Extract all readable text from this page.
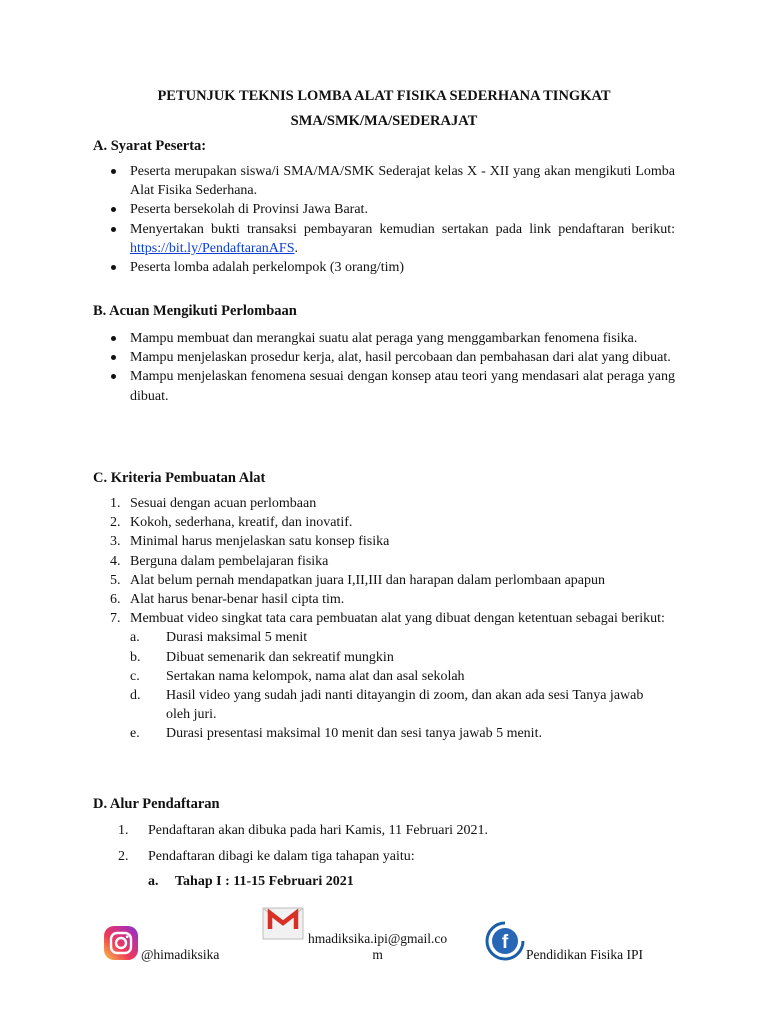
PETUNJUK TEKNIS LOMBA ALAT FISIKA SEDERHANA TINGKAT
SMA/SMK/MA/SEDERAJAT
A. Syarat Peserta:
Peserta merupakan siswa/i SMA/MA/SMK Sederajat kelas X - XII yang akan mengikuti Lomba Alat Fisika Sederhana.
Peserta bersekolah di Provinsi Jawa Barat.
Menyertakan bukti transaksi pembayaran kemudian sertakan pada link pendaftaran berikut: https://bit.ly/PendaftaranAFS.
Peserta lomba adalah perkelompok (3 orang/tim)
B. Acuan Mengikuti Perlombaan
Mampu membuat dan merangkai suatu alat peraga yang menggambarkan fenomena fisika.
Mampu menjelaskan prosedur kerja, alat, hasil percobaan dan pembahasan dari alat yang dibuat.
Mampu menjelaskan fenomena sesuai dengan konsep atau teori yang mendasari alat peraga yang dibuat.
C. Kriteria Pembuatan Alat
1. Sesuai dengan acuan perlombaan
2. Kokoh, sederhana, kreatif, dan inovatif.
3. Minimal harus menjelaskan satu konsep fisika
4. Berguna dalam pembelajaran fisika
5. Alat belum pernah mendapatkan juara I,II,III dan harapan dalam perlombaan apapun
6. Alat harus benar-benar hasil cipta tim.
7. Membuat video singkat tata cara pembuatan alat yang dibuat dengan ketentuan sebagai berikut:
a. Durasi maksimal 5 menit
b. Dibuat semenarik dan sekreatif mungkin
c. Sertakan nama kelompok, nama alat dan asal sekolah
d. Hasil video yang sudah jadi nanti ditayangin di zoom, dan akan ada sesi Tanya jawab oleh juri.
e. Durasi presentasi maksimal 10 menit dan sesi tanya jawab 5 menit.
D. Alur Pendaftaran
1. Pendaftaran akan dibuka pada hari Kamis, 11 Februari 2021.
2. Pendaftaran dibagi ke dalam tiga tahapan yaitu:
a. Tahap I : 11-15 Februari 2021
@himadiksika
hmadiksika.ipi@gmail.co
m
f
Pendidikan Fisika IPI
